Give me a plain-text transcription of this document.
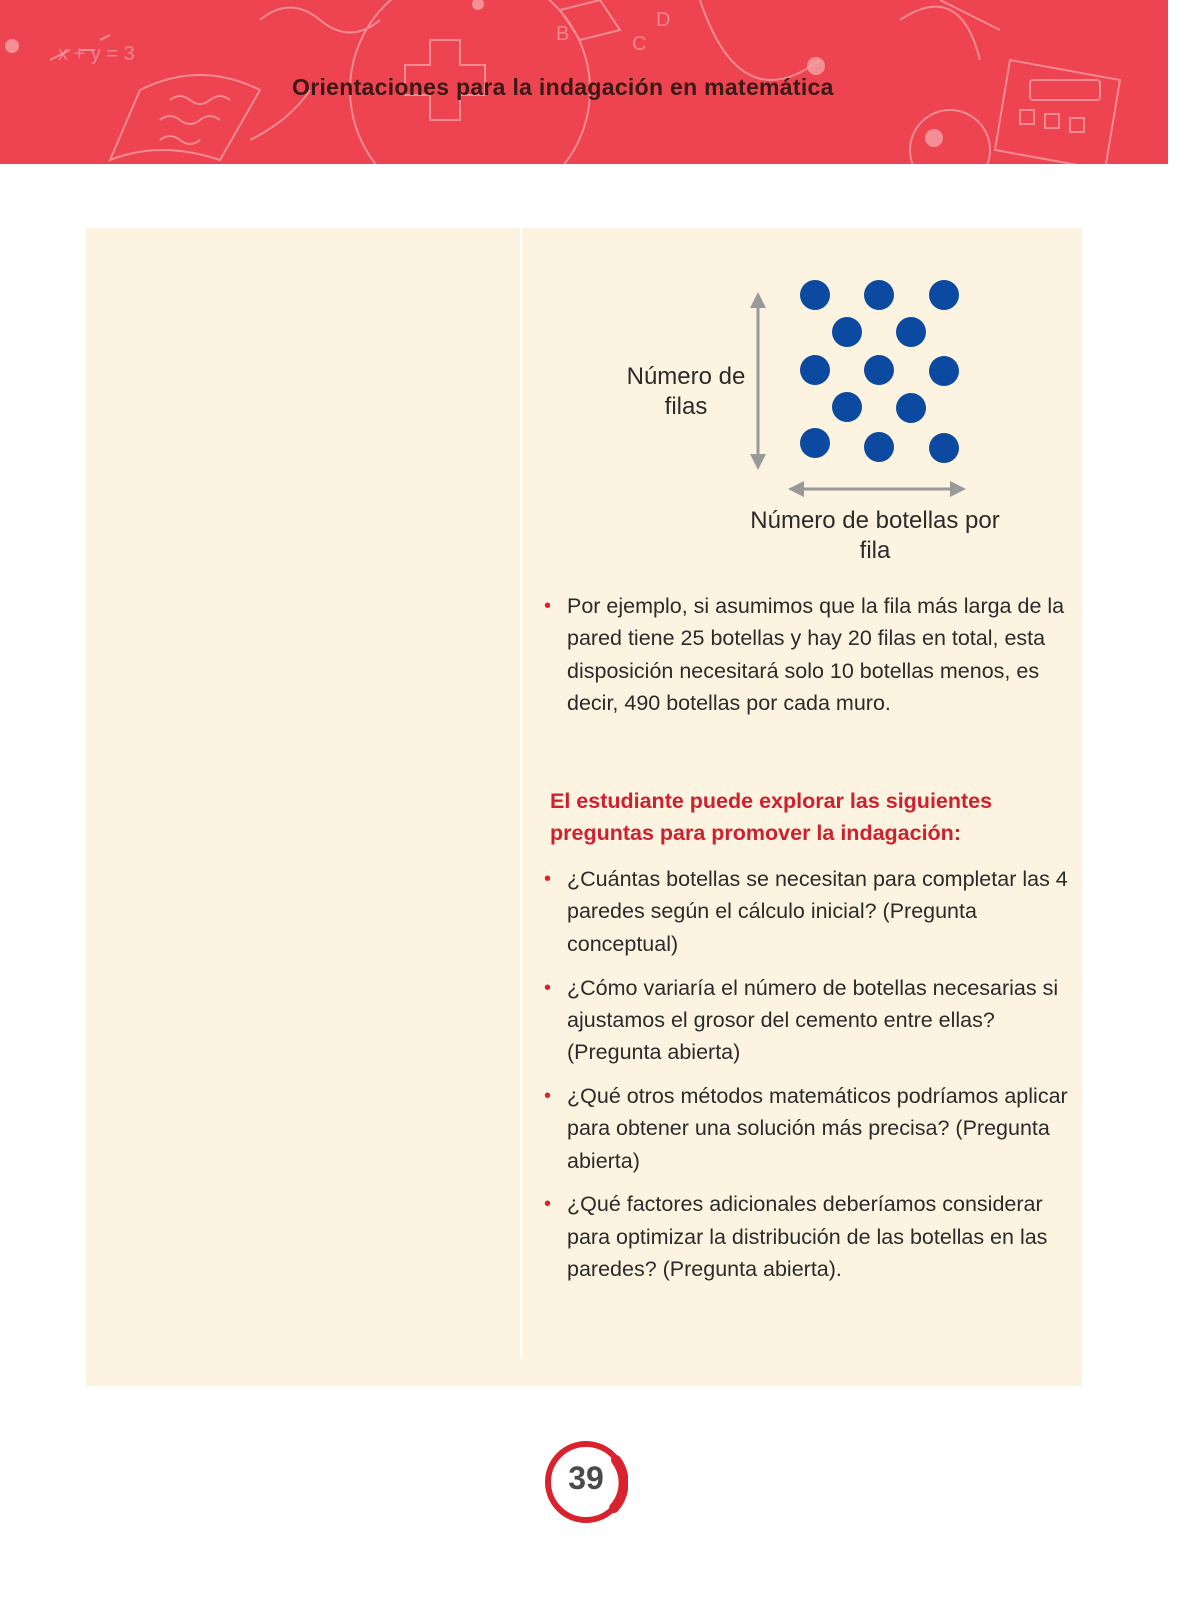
x + y = 3
B
D
C
Orientaciones para la indagación en matemática
Número de filas
Número de botellas por fila
• Por ejemplo, si asumimos que la fila más larga de la pared tiene 25 botellas y hay 20 filas en total, esta disposición necesitará solo 10 botellas menos, es decir, 490 botellas por cada muro.
El estudiante puede explorar las siguientes preguntas para promover la indagación:
• ¿Cuántas botellas se necesitan para completar las 4 paredes según el cálculo inicial? (Pregunta conceptual)
• ¿Cómo variaría el número de botellas necesarias si ajustamos el grosor del cemento entre ellas? (Pregunta abierta)
• ¿Qué otros métodos matemáticos podríamos aplicar para obtener una solución más precisa? (Pregunta abierta)
• ¿Qué factores adicionales deberíamos considerar para optimizar la distribución de las botellas en las paredes? (Pregunta abierta).
39
